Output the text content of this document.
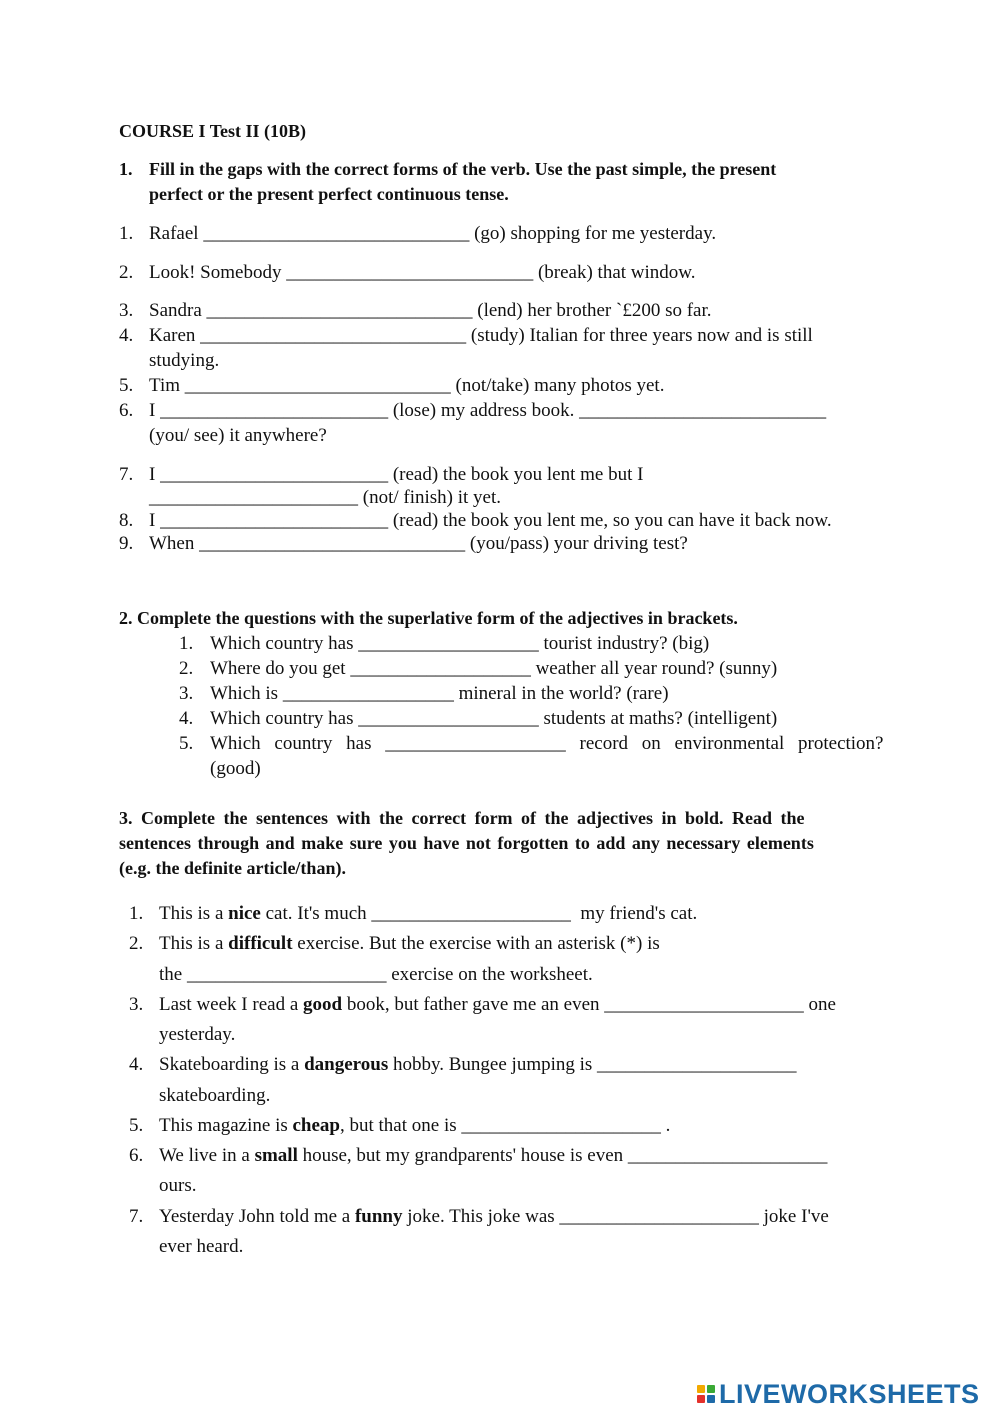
COURSE I Test II (10B)
1. Fill in the gaps with the correct forms of the verb. Use the past simple, the present
perfect or the present perfect continuous tense.
1. Rafael ____________________________ (go) shopping for me yesterday.
2. Look! Somebody __________________________ (break) that window.
3. Sandra ____________________________ (lend) her brother `£200 so far.
4. Karen ____________________________ (study) Italian for three years now and is still
studying.
5. Tim ____________________________ (not/take) many photos yet.
6. I ________________________ (lose) my address book. __________________________
(you/ see) it anywhere?
7. I ________________________ (read) the book you lent me but I
______________________ (not/ finish) it yet.
8. I ________________________ (read) the book you lent me, so you can have it back now.
9. When ____________________________ (you/pass) your driving test?
2. Complete the questions with the superlative form of the adjectives in brackets.
1. Which country has ___________________ tourist industry? (big)
2. Where do you get ___________________ weather all year round? (sunny)
3. Which is __________________ mineral in the world? (rare)
4. Which country has ___________________ students at maths? (intelligent)
5. Which country has ___________________ record on environmental protection?
(good)
3. Complete the sentences with the correct form of the adjectives in bold. Read the
sentences through and make sure you have not forgotten to add any necessary elements
(e.g. the definite article/than).
1. This is a nice cat. It's much _____________________  my friend's cat.
2. This is a difficult exercise. But the exercise with an asterisk (*) is
the _____________________ exercise on the worksheet.
3. Last week I read a good book, but father gave me an even _____________________ one
yesterday.
4. Skateboarding is a dangerous hobby. Bungee jumping is _____________________
skateboarding.
5. This magazine is cheap, but that one is _____________________ .
6. We live in a small house, but my grandparents' house is even _____________________
ours.
7. Yesterday John told me a funny joke. This joke was _____________________ joke I've
ever heard.
LIVEWORKSHEETS
